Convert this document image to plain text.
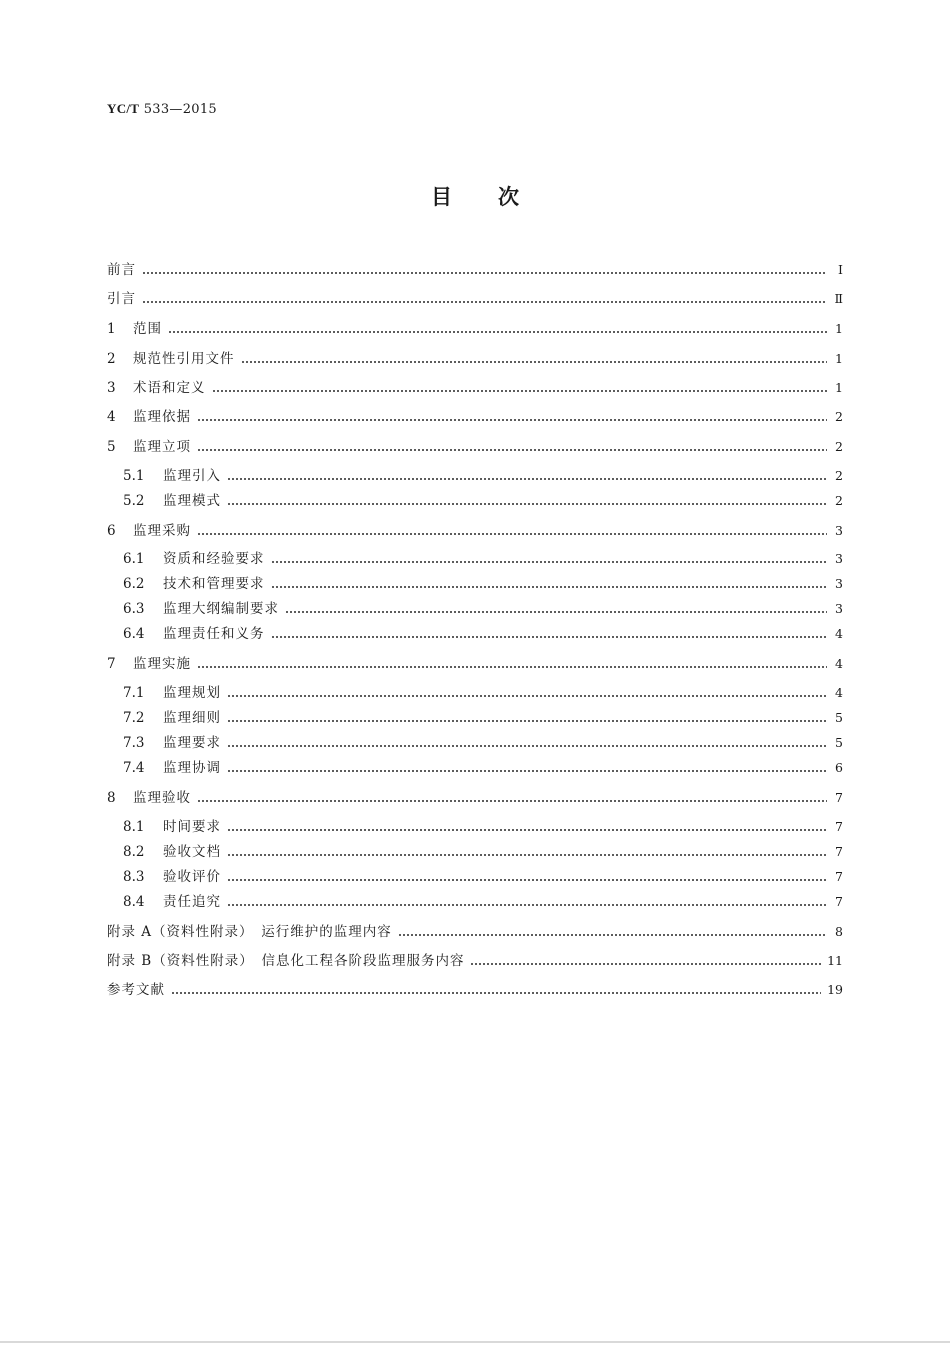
YC/T 533—2015
目次
前言	Ⅰ
引言	Ⅱ
1	范围	1
2	规范性引用文件	1
3	术语和定义	1
4	监理依据	2
5	监理立项	2
5.1	监理引入	2
5.2	监理模式	2
6	监理采购	3
6.1	资质和经验要求	3
6.2	技术和管理要求	3
6.3	监理大纲编制要求	3
6.4	监理责任和义务	4
7	监理实施	4
7.1	监理规划	4
7.2	监理细则	5
7.3	监理要求	5
7.4	监理协调	6
8	监理验收	7
8.1	时间要求	7
8.2	验收文档	7
8.3	验收评价	7
8.4	责任追究	7
附录 A（资料性附录）　运行维护的监理内容	8
附录 B（资料性附录）　信息化工程各阶段监理服务内容	11
参考文献	19
